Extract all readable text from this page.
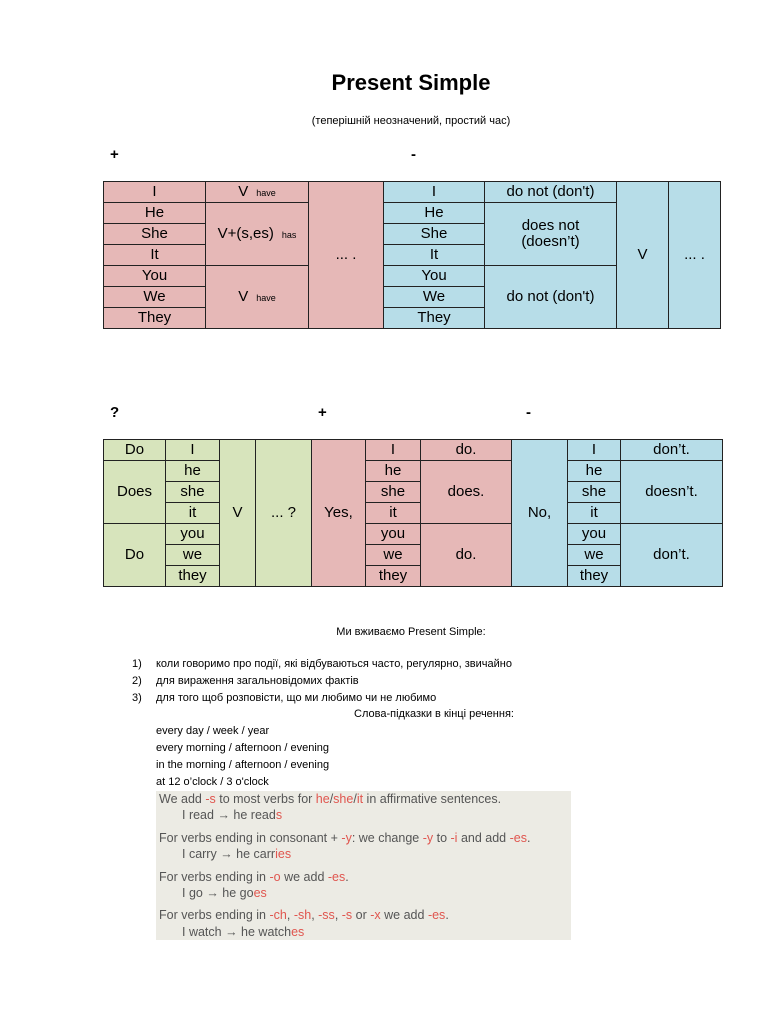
Present Simple
(теперішній неозначений, простий час)
+	-
I	V have	... .	I	do not (don't)	V	... .
He	V+(s,es) has		He	does not (doesn’t)		

She			She			
It			It			
You	V have		You	do not (don't)		
We			We			
They			They			
?	+	-
Do	I	V	... ?	Yes,	I	do.	No,	I	don’t.
Does	he				he	does.		he	doesn’t.
	she				she			she	
	it				it			it	
Do	you				you	do.		you	don’t.
	we				we			we	
	they				they			they	
Ми вживаємо Present Simple:
1)	коли говоримо про події, які відбуваються часто, регулярно, звичайно
2)	для вираження загальновідомих фактів
3)	для того щоб розповісти, що ми любимо чи не любимо
Слова-підказки в кінці речення:
every day / week / year
every morning / afternoon / evening
in the morning / afternoon / evening
at 12 o’clock / 3 o'clock
We add -s to most verbs for he/she/it in affirmative sentences.
I read → he reads
For verbs ending in consonant + -y: we change -y to -i and add -es.
I carry → he carries
For verbs ending in -o we add -es.
I go → he goes
For verbs ending in -ch, -sh, -ss, -s or -x we add -es.
I watch → he watches
